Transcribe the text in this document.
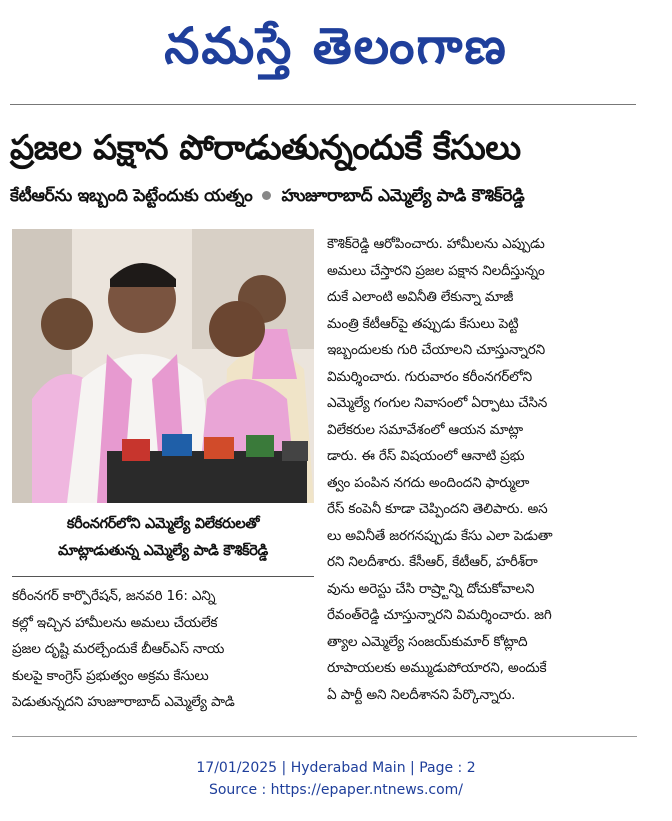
నమస్తే తెలంగాణ
ప్రజల పక్షాన పోరాడుతున్నందుకే కేసులు
కేటీఆర్‌ను ఇబ్బంది పెట్టేందుకు యత్నం హుజూరాబాద్ ఎమ్మెల్యే పాడి కౌశిక్‌రెడ్డి
కరీంనగర్‌లోని ఎమ్మెల్యే విలేకరులతో
మాట్లాడుతున్న ఎమ్మెల్యే పాడి కౌశిక్‌రెడ్డి

కరీంనగర్ కార్పొరేషన్, జనవరి 16: ఎన్ని

కల్లో ఇచ్చిన హామీలను అమలు చేయలేక

ప్రజల దృష్టి మరల్చేందుకే బీఆర్‌ఎస్ నాయ

కులపై కాంగ్రెస్ ప్రభుత్వం అక్రమ కేసులు

పెడుతున్నదని హుజూరాబాద్ ఎమ్మెల్యే పాడి

కౌశిక్‌రెడ్డి ఆరోపించారు. హామీలను ఎప్పుడు

అమలు చేస్తారని ప్రజల పక్షాన నిలదీస్తున్నం

దుకే ఎలాంటి అవినీతి లేకున్నా మాజీ

మంత్రి కేటీఆర్‌పై తప్పుడు కేసులు పెట్టి

ఇబ్బందులకు గురి చేయాలని చూస్తున్నారని

విమర్శించారు. గురువారం కరీంనగర్‌లోని

ఎమ్మెల్యే గంగుల నివాసంలో ఏర్పాటు చేసిన

విలేకరుల సమావేశంలో ఆయన మాట్లా

డారు. ఈ రేస్ విషయంలో ఆనాటి ప్రభు

త్వం పంపిన నగదు అందిందని ఫార్ములా

రేస్ కంపెనీ కూడా చెప్పిందని తెలిపారు. అస

లు అవినీతే జరగనప్పుడు కేసు ఎలా పెడుతా

రని నిలదీశారు. కేసీఆర్, కేటీఆర్, హరీశ్‌రా

వును అరెస్టు చేసి రాష్ర్టాన్ని దోచుకోవాలని

రేవంత్‌రెడ్డి చూస్తున్నారని విమర్శించారు. జగి

త్యాల ఎమ్మెల్యే సంజయ్‌కుమార్ కోట్లాది

రూపాయలకు అమ్ముడుపోయారని, అందుకే

ఏ పార్టీ అని నిలదీశానని పేర్కొన్నారు.

17/01/2025 | Hyderabad Main | Page : 2
Source : https://epaper.ntnews.com/
